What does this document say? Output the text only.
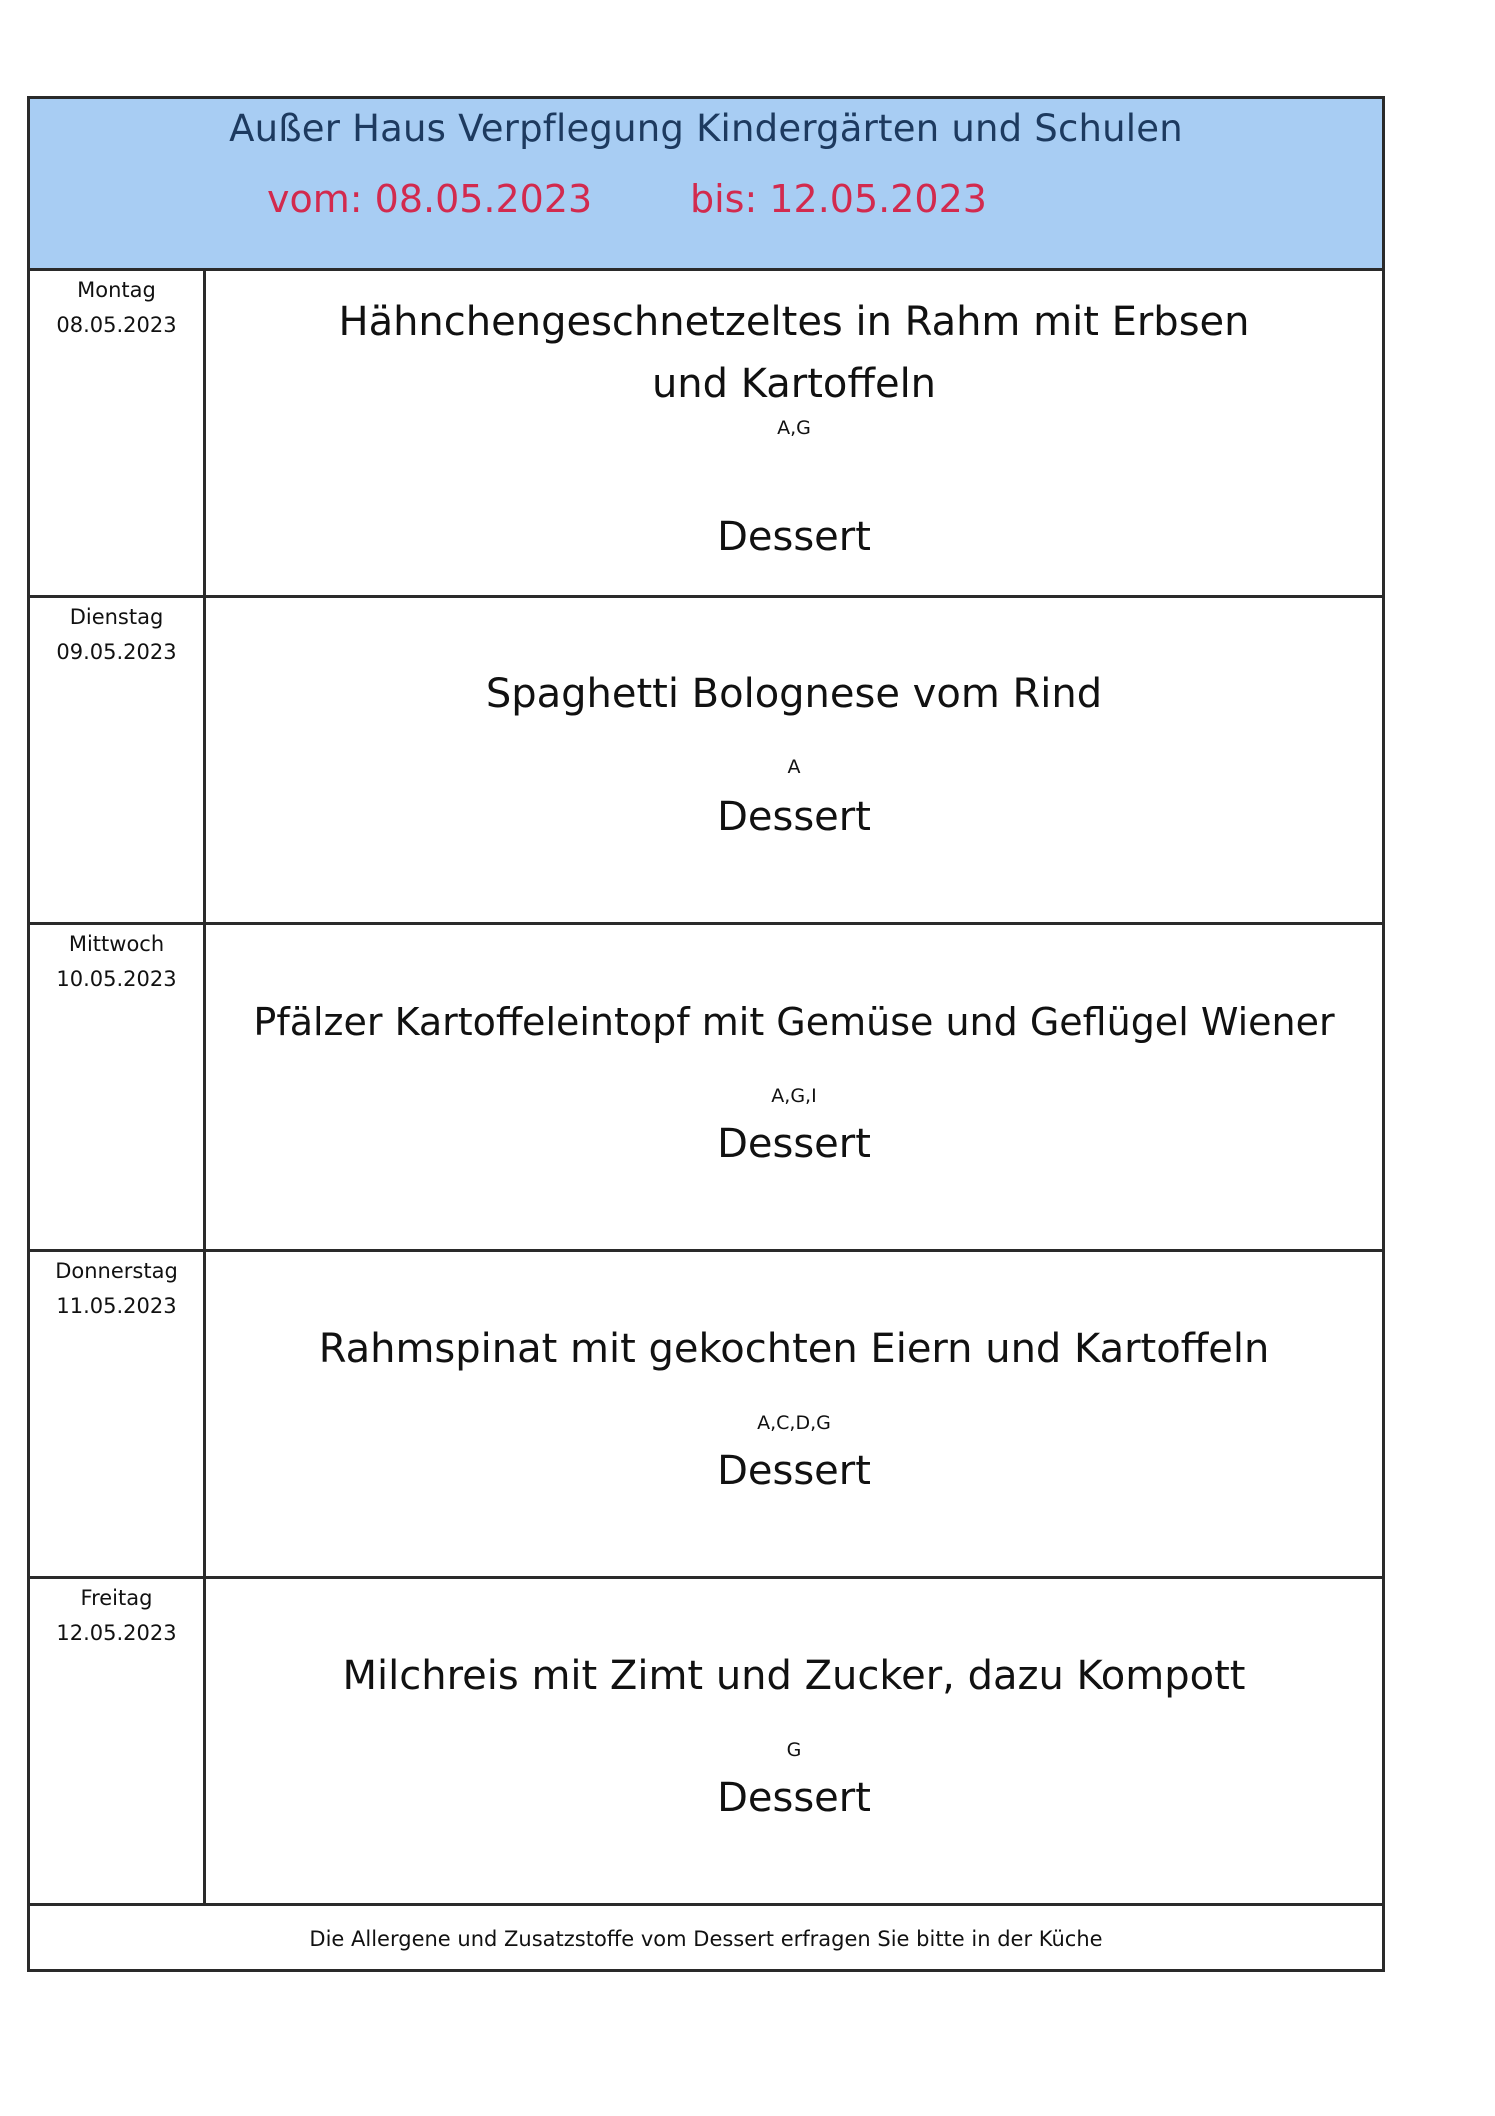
Außer Haus Verpflegung Kindergärten und Schulen
vom: 08.05.2023	bis: 12.05.2023
Montag
08.05.2023	Hähnchengeschnetzeltes in Rahm mit Erbsen und Kartoffeln
A,G
Dessert
Dienstag
09.05.2023
Spaghetti Bolognese vom Rind
A
Dessert
Mittwoch
10.05.2023
Pfälzer Kartoffeleintopf mit Gemüse und Geflügel Wiener
A,G,I
Dessert
Donnerstag
11.05.2023
Rahmspinat mit gekochten Eiern und Kartoffeln
A,C,D,G
Dessert
Freitag
12.05.2023
Milchreis mit Zimt und Zucker, dazu Kompott
G
Dessert
Die Allergene und Zusatzstoffe vom Dessert erfragen Sie bitte in der Küche
